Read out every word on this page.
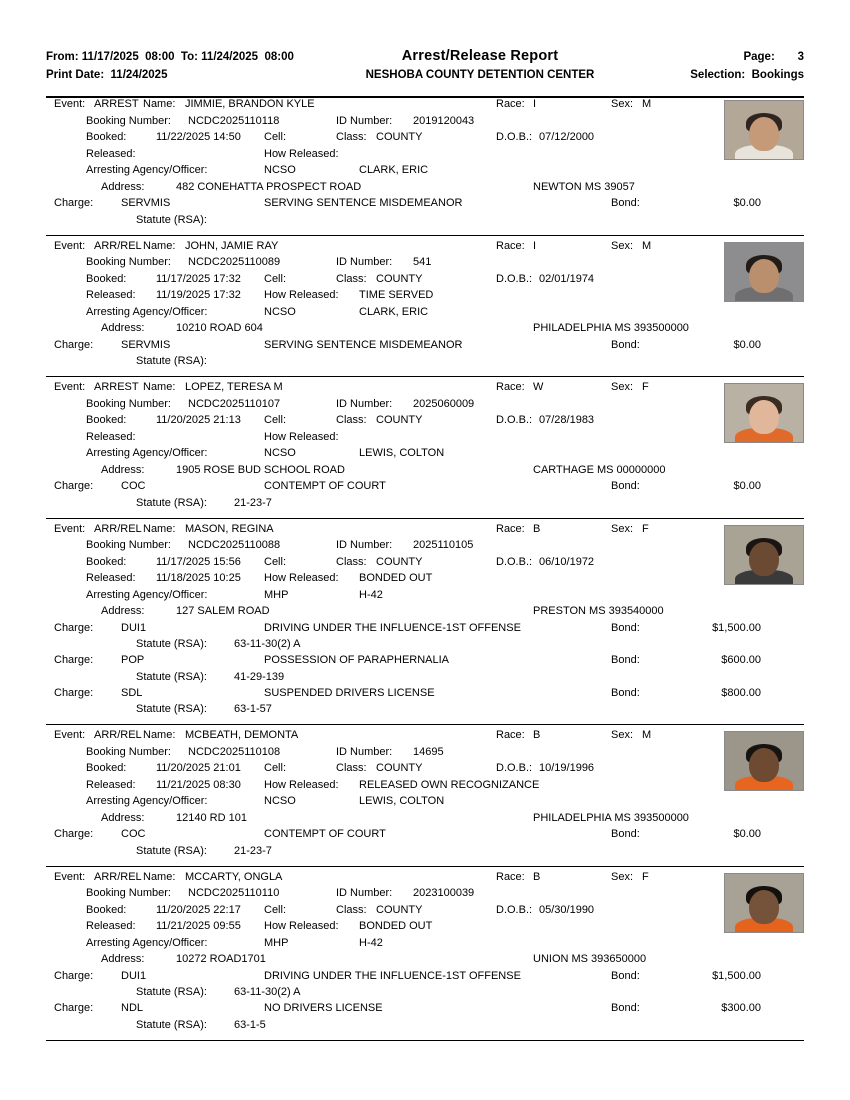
From: 11/17/2025 08:00 To: 11/24/2025 08:00	Arrest/Release Report	Page: 3
Print Date: 11/24/2025	NESHOBA COUNTY DETENTION CENTER	Selection: Bookings
Event: ARREST Name: JIMMIE, BRANDON KYLE	Race: I	Sex: M
Booking Number: NCDC2025110118	ID Number: 2019120043
Booked:	11/22/2025 14:50 Cell:	Class: COUNTY	D.O.B.: 07/12/2000
Released:	How Released:
Arresting Agency/Officer:	NCSO	CLARK, ERIC
Address:	482 CONEHATTA PROSPECT ROAD	NEWTON MS 39057
Charge:	SERVMIS	SERVING SENTENCE MISDEMEANOR	Bond:	$0.00
Statute (RSA):
Event: ARR/REL Name: JOHN, JAMIE RAY	Race: I	Sex: M
Booking Number: NCDC2025110089	ID Number: 541
Booked:	11/17/2025 17:32 Cell:	Class: COUNTY	D.O.B.: 02/01/1974
Released: 11/19/2025 17:32 How Released: TIME SERVED
Arresting Agency/Officer:	NCSO	CLARK, ERIC
Address:	10210 ROAD 604	PHILADELPHIA MS 393500000
Charge:	SERVMIS	SERVING SENTENCE MISDEMEANOR	Bond:	$0.00
Statute (RSA):
Event: ARREST Name: LOPEZ, TERESA M	Race: W	Sex: F
Booking Number: NCDC2025110107	ID Number: 2025060009
Booked:	11/20/2025 21:13 Cell:	Class: COUNTY	D.O.B.: 07/28/1983
Released:	How Released:
Arresting Agency/Officer:	NCSO	LEWIS, COLTON
Address:	1905 ROSE BUD SCHOOL ROAD	CARTHAGE MS 00000000
Charge:	COC	CONTEMPT OF COURT	Bond:	$0.00
Statute (RSA): 21-23-7
Event: ARR/REL Name: MASON, REGINA	Race: B	Sex: F
Booking Number: NCDC2025110088	ID Number: 2025110105
Booked:	11/17/2025 15:56 Cell:	Class: COUNTY	D.O.B.: 06/10/1972
Released: 11/18/2025 10:25 How Released: BONDED OUT
Arresting Agency/Officer:	MHP	H-42
Address:	127 SALEM ROAD	PRESTON MS 393540000
Charge:	DUI1	DRIVING UNDER THE INFLUENCE-1ST OFFENSE	Bond:	$1,500.00
Statute (RSA): 63-11-30(2) A
Charge:	POP	POSSESSION OF PARAPHERNALIA	Bond:	$600.00
Statute (RSA): 41-29-139
Charge:	SDL	SUSPENDED DRIVERS LICENSE	Bond:	$800.00
Statute (RSA): 63-1-57
Event: ARR/REL Name: MCBEATH, DEMONTA	Race: B	Sex: M
Booking Number: NCDC2025110108	ID Number: 14695
Booked:	11/20/2025 21:01 Cell:	Class: COUNTY	D.O.B.: 10/19/1996
Released: 11/21/2025 08:30 How Released: RELEASED OWN RECOGNIZANCE
Arresting Agency/Officer:	NCSO	LEWIS, COLTON
Address:	12140 RD 101	PHILADELPHIA MS 393500000
Charge:	COC	CONTEMPT OF COURT	Bond:	$0.00
Statute (RSA): 21-23-7
Event: ARR/REL Name: MCCARTY, ONGLA	Race: B	Sex: F
Booking Number: NCDC2025110110	ID Number: 2023100039
Booked:	11/20/2025 22:17 Cell:	Class: COUNTY	D.O.B.: 05/30/1990
Released: 11/21/2025 09:55 How Released: BONDED OUT
Arresting Agency/Officer:	MHP	H-42
Address:	10272 ROAD1701	UNION MS 393650000
Charge:	DUI1	DRIVING UNDER THE INFLUENCE-1ST OFFENSE	Bond:	$1,500.00
Statute (RSA): 63-11-30(2) A
Charge:	NDL	NO DRIVERS LICENSE	Bond:	$300.00
Statute (RSA): 63-1-5
